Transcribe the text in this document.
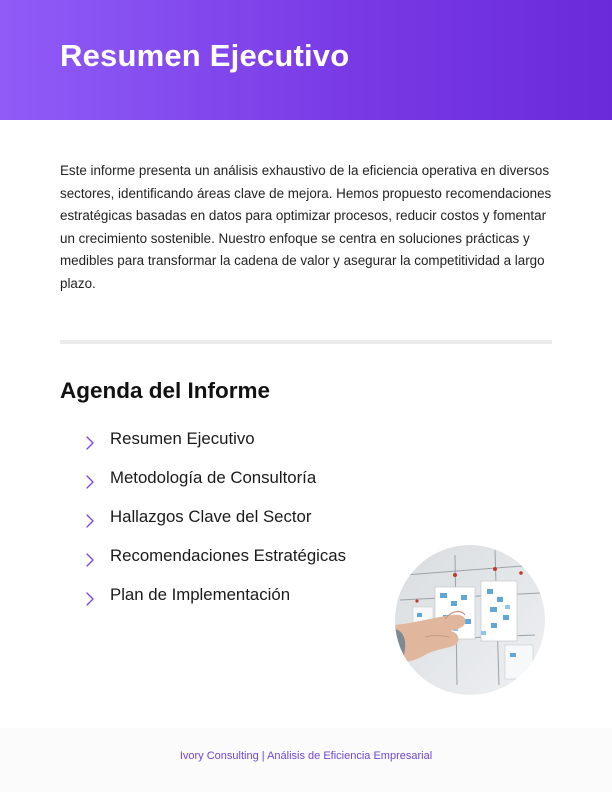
Resumen Ejecutivo

Este informe presenta un análisis exhaustivo de la eficiencia operativa en diversos sectores, identificando áreas clave de mejora. Hemos propuesto recomendaciones estratégicas basadas en datos para optimizar procesos, reducir costos y fomentar un crecimiento sostenible. Nuestro enfoque se centra en soluciones prácticas y medibles para transformar la cadena de valor y asegurar la competitividad a largo plazo.

Agenda del Informe
Resumen Ejecutivo
Metodología de Consultoría
Hallazgos Clave del Sector
Recomendaciones Estratégicas
Plan de Implementación

Ivory Consulting | Análisis de Eficiencia Empresarial
